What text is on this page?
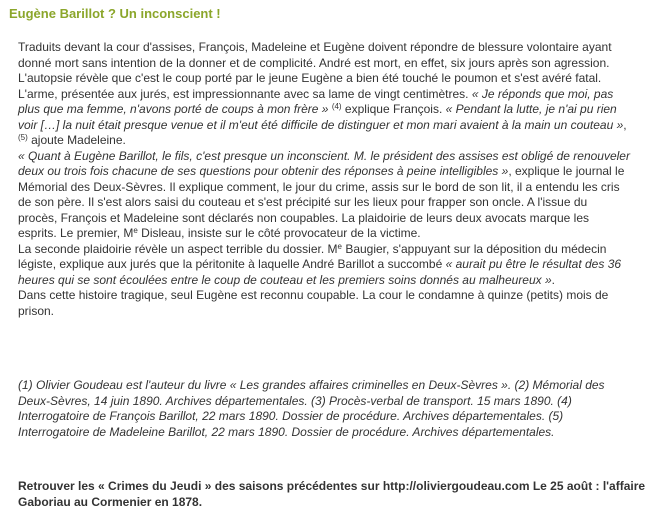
Eugène Barillot ? Un inconscient !
Traduits devant la cour d'assises, François, Madeleine et Eugène doivent répondre de blessure volontaire ayant
donné mort sans intention de la donner et de complicité. André est mort, en effet, six jours après son agression.
L'autopsie révèle que c'est le coup porté par le jeune Eugène a bien été touché le poumon et s'est avéré fatal.
L'arme, présentée aux jurés, est impressionnante avec sa lame de vingt centimètres. « Je réponds que moi, pas
plus que ma femme, n'avons porté de coups à mon frère » $^{(4)}$ explique François. « Pendant la lutte, je n'ai pu rien
voir […] la nuit était presque venue et il m'eut été difficile de distinguer et mon mari avaient à la main un couteau »,
$^{(5)}$ ajoute Madeleine.
« Quant à Eugène Barillot, le fils, c'est presque un inconscient. M. le président des assises est obligé de renouveler
deux ou trois fois chacune de ses questions pour obtenir des réponses à peine intelligibles », explique le journal le
Mémorial des Deux-Sèvres. Il explique comment, le jour du crime, assis sur le bord de son lit, il a entendu les cris
de son père. Il s'est alors saisi du couteau et s'est précipité sur les lieux pour frapper son oncle. A l'issue du
procès, François et Madeleine sont déclarés non coupables. La plaidoirie de leurs deux avocats marque les
esprits. Le premier, Me Disleau, insiste sur le côté provocateur de la victime.
La seconde plaidoirie révèle un aspect terrible du dossier. Me Baugier, s'appuyant sur la déposition du médecin
légiste, explique aux jurés que la péritonite à laquelle André Barillot a succombé « aurait pu être le résultat des 36
heures qui se sont écoulées entre le coup de couteau et les premiers soins donnés au malheureux ».
Dans cette histoire tragique, seul Eugène est reconnu coupable. La cour le condamne à quinze (petits) mois de
prison.
(1) Olivier Goudeau est l'auteur du livre « Les grandes affaires criminelles en Deux-Sèvres ». (2) Mémorial des
Deux-Sèvres, 14 juin 1890. Archives départementales. (3) Procès-verbal de transport. 15 mars 1890. (4)
Interrogatoire de François Barillot, 22 mars 1890. Dossier de procédure. Archives départementales. (5)
Interrogatoire de Madeleine Barillot, 22 mars 1890. Dossier de procédure. Archives départementales.
Retrouver les « Crimes du Jeudi » des saisons précédentes sur http://oliviergoudeau.com Le 25 août : l'affaire
Gaboriau au Cormenier en 1878.
